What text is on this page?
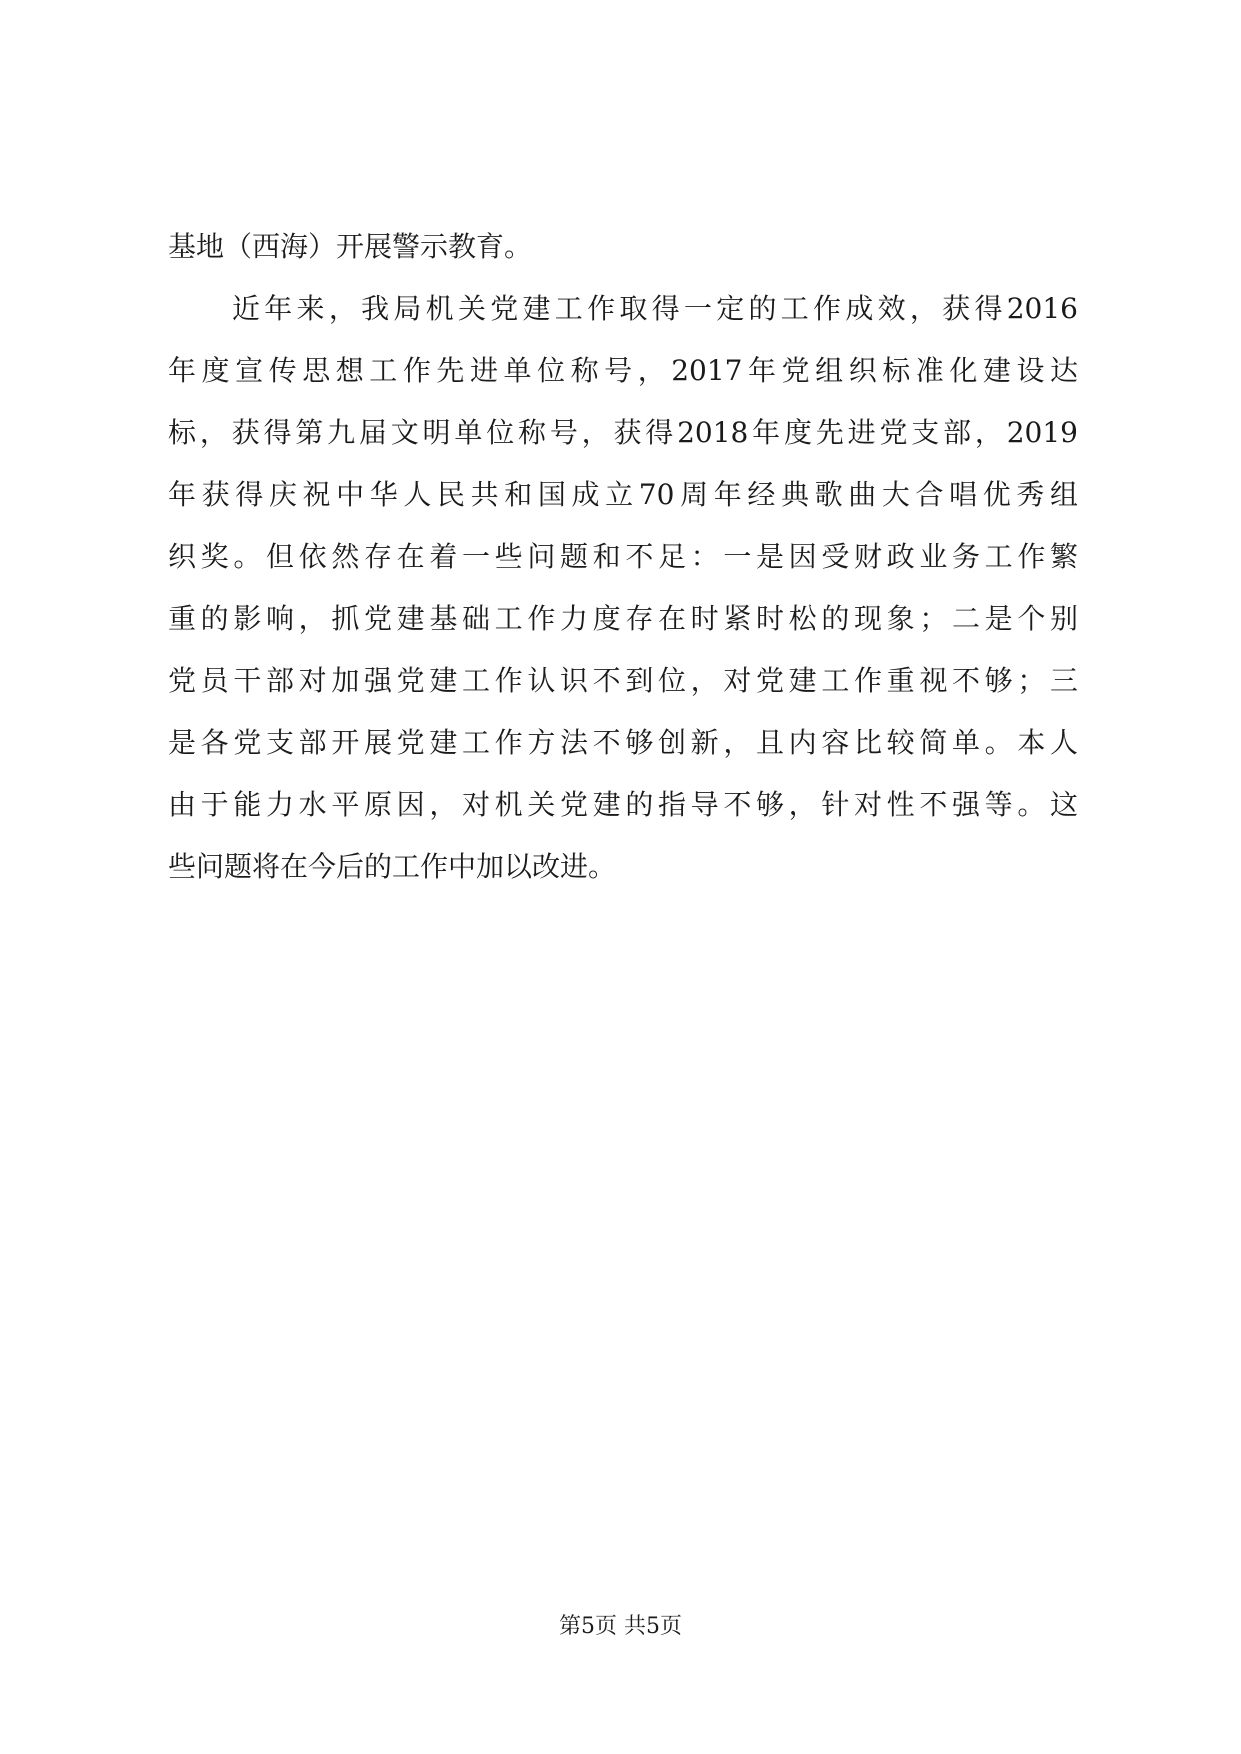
基地（西海）开展警示教育。
近年来，我局机关党建工作取得一定的工作成效，获得2016
年度宣传思想工作先进单位称号，2017年党组织标准化建设达
标，获得第九届文明单位称号，获得2018年度先进党支部，2019
年获得庆祝中华人民共和国成立70周年经典歌曲大合唱优秀组
织奖。但依然存在着一些问题和不足：一是因受财政业务工作繁
重的影响，抓党建基础工作力度存在时紧时松的现象；二是个别
党员干部对加强党建工作认识不到位，对党建工作重视不够；三
是各党支部开展党建工作方法不够创新，且内容比较简单。本人
由于能力水平原因，对机关党建的指导不够，针对性不强等。这
些问题将在今后的工作中加以改进。
第5页 共5页
